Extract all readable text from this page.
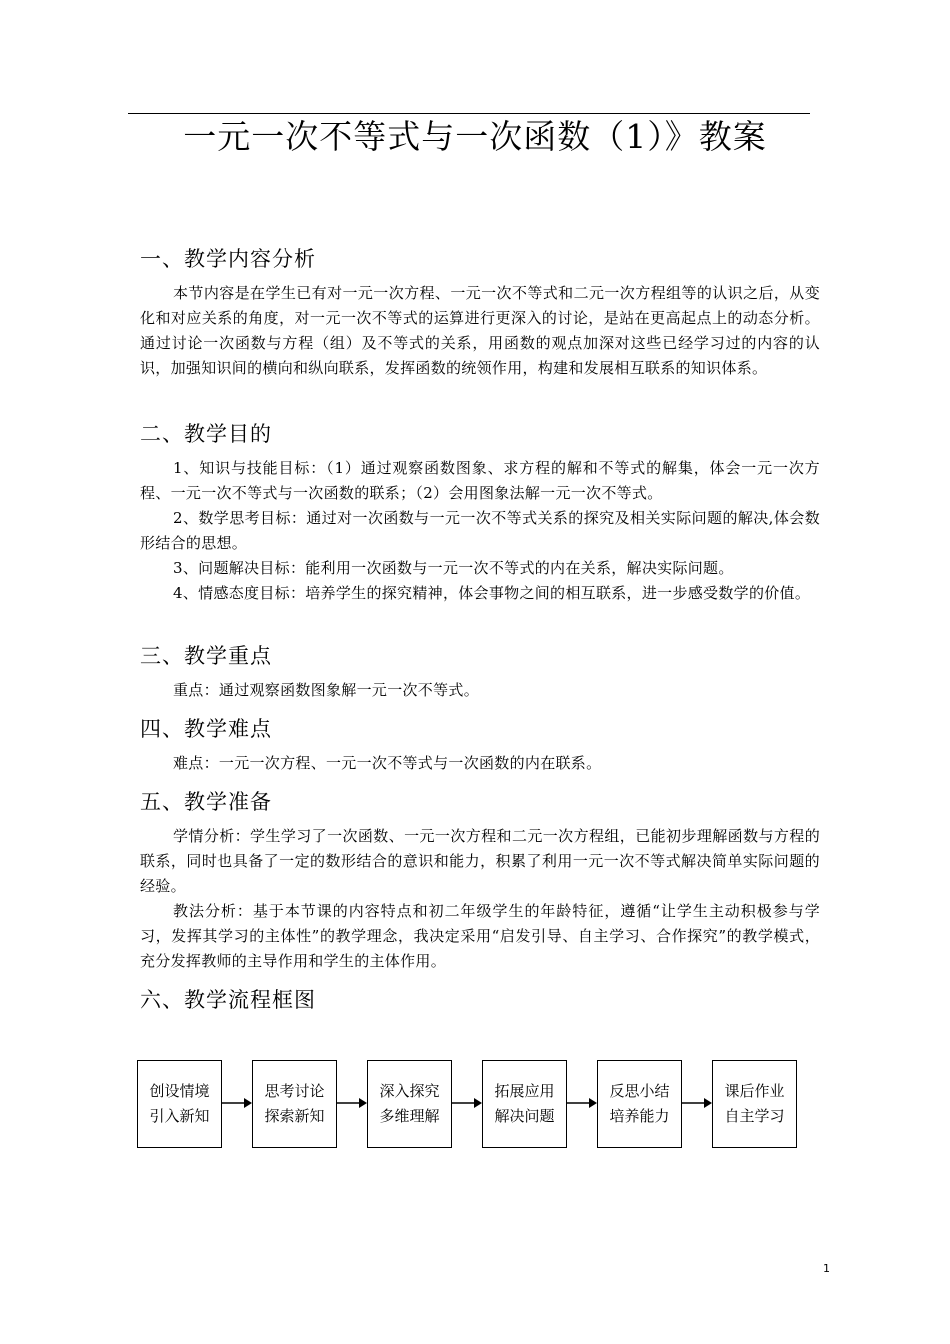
一元一次不等式与一次函数（1）》教案

一、教学内容分析

本节内容是在学生已有对一元一次方程、一元一次不等式和二元一次方程组等的认识之后，从变化和对应关系的角度，对一元一次不等式的运算进行更深入的讨论，是站在更高起点上的动态分析。通过讨论一次函数与方程（组）及不等式的关系，用函数的观点加深对这些已经学习过的内容的认识，加强知识间的横向和纵向联系，发挥函数的统领作用，构建和发展相互联系的知识体系。

二、教学目的

1、知识与技能目标：（1）通过观察函数图象、求方程的解和不等式的解集，体会一元一次方程、一元一次不等式与一次函数的联系；（2）会用图象法解一元一次不等式。

2、数学思考目标：通过对一次函数与一元一次不等式关系的探究及相关实际问题的解决,体会数形结合的思想。

3、问题解决目标：能利用一次函数与一元一次不等式的内在关系，解决实际问题。

4、情感态度目标：培养学生的探究精神，体会事物之间的相互联系，进一步感受数学的价值。

三、教学重点

重点：通过观察函数图象解一元一次不等式。

四、教学难点

难点：一元一次方程、一元一次不等式与一次函数的内在联系。

五、教学准备

学情分析：学生学习了一次函数、一元一次方程和二元一次方程组，已能初步理解函数与方程的联系，同时也具备了一定的数形结合的意识和能力，积累了利用一元一次不等式解决简单实际问题的经验。

教法分析：基于本节课的内容特点和初二年级学生的年龄特征，遵循“让学生主动积极参与学习，发挥其学习的主体性”的教学理念，我决定采用“启发引导、自主学习、合作探究”的教学模式，充分发挥教师的主导作用和学生的主体作用。

六、教学流程框图

创设情境
引入新知
思考讨论
探索新知
深入探究
多维理解
拓展应用
解决问题
反思小结
培养能力
课后作业
自主学习
1
